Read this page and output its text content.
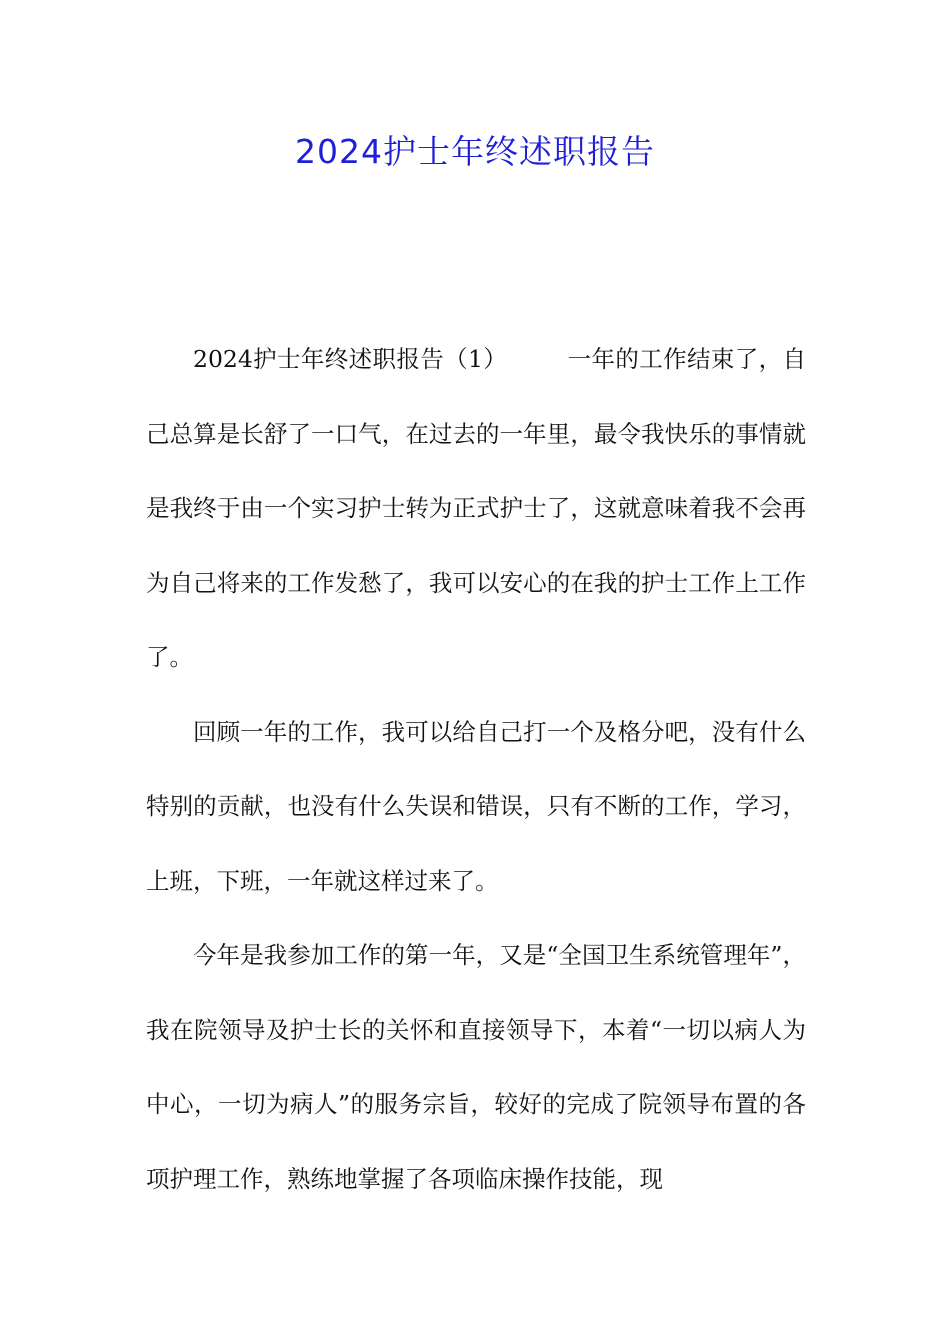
2024护士年终述职报告

2024护士年终述职报告（1）	一年的工作结束了，自己总算是长舒了一口气，在过去的一年里，最令我快乐的事情就是我终于由一个实习护士转为正式护士了，这就意味着我不会再为自己将来的工作发愁了，我可以安心的在我的护士工作上工作了。

回顾一年的工作，我可以给自己打一个及格分吧，没有什么特别的贡献，也没有什么失误和错误，只有不断的工作，学习，上班，下班，一年就这样过来了。

今年是我参加工作的第一年，又是“全国卫生系统管理年”，我在院领导及护士长的关怀和直接领导下，本着“一切以病人为中心，一切为病人”的服务宗旨，较好的完成了院领导布置的各项护理工作，熟练地掌握了各项临床操作技能，现
